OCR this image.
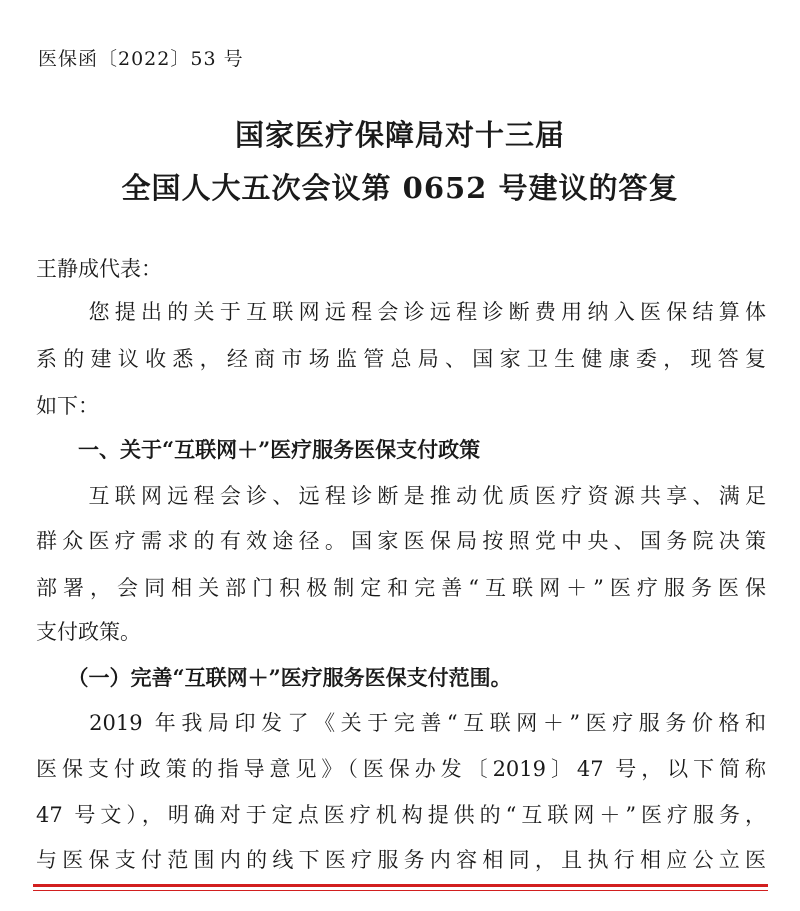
医保函〔2022〕53 号
国家医疗保障局对十三届
全国人大五次会议第 0652 号建议的答复
王静成代表：
　　您提出的关于互联网远程会诊远程诊断费用纳入医保结算体
系的建议收悉，经商市场监管总局、国家卫生健康委，现答复
如下：
　　一、关于“互联网＋”医疗服务医保支付政策
　　互联网远程会诊、远程诊断是推动优质医疗资源共享、满足
群众医疗需求的有效途径。国家医保局按照党中央、国务院决策
部署，会同相关部门积极制定和完善“互联网＋”医疗服务医保
支付政策。
　　（一）完善“互联网＋”医疗服务医保支付范围。
　　2019 年我局印发了《关于完善“互联网＋”医疗服务价格和
医保支付政策的指导意见》（医保办发〔2019〕47 号，以下简称
47 号文），明确对于定点医疗机构提供的“互联网＋”医疗服务，
与医保支付范围内的线下医疗服务内容相同，且执行相应公立医
